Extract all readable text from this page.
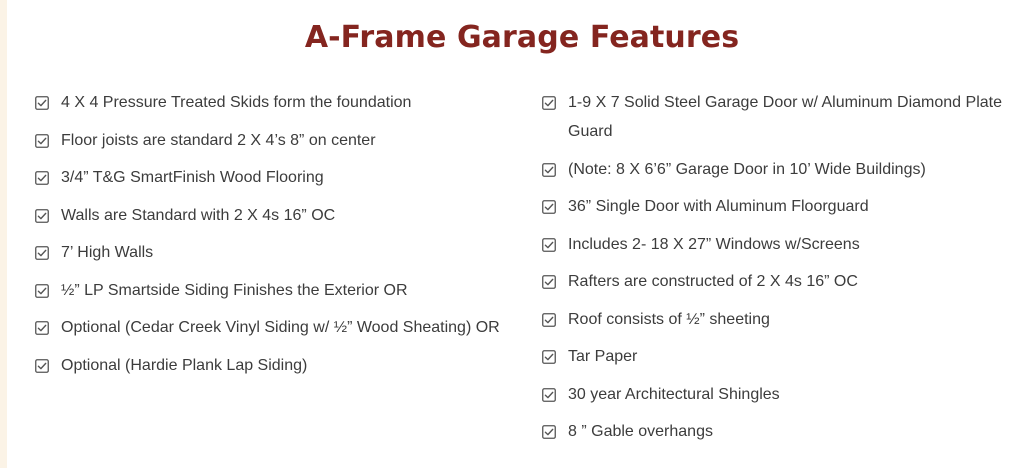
A-Frame Garage Features
4 X 4 Pressure Treated Skids form the foundation
Floor joists are standard 2 X 4’s 8” on center
3/4” T&G SmartFinish Wood Flooring
Walls are Standard with 2 X 4s 16” OC
7’ High Walls
½” LP Smartside Siding Finishes the Exterior OR
Optional (Cedar Creek Vinyl Siding w/ ½” Wood Sheating) OR
Optional (Hardie Plank Lap Siding)
1-9 X 7 Solid Steel Garage Door w/ Aluminum Diamond Plate Guard
(Note: 8 X 6’6” Garage Door in 10’ Wide Buildings)
36” Single Door with Aluminum Floorguard
Includes 2- 18 X 27” Windows w/Screens
Rafters are constructed of 2 X 4s 16” OC
Roof consists of ½” sheeting
Tar Paper
30 year Architectural Shingles
8 ” Gable overhangs
